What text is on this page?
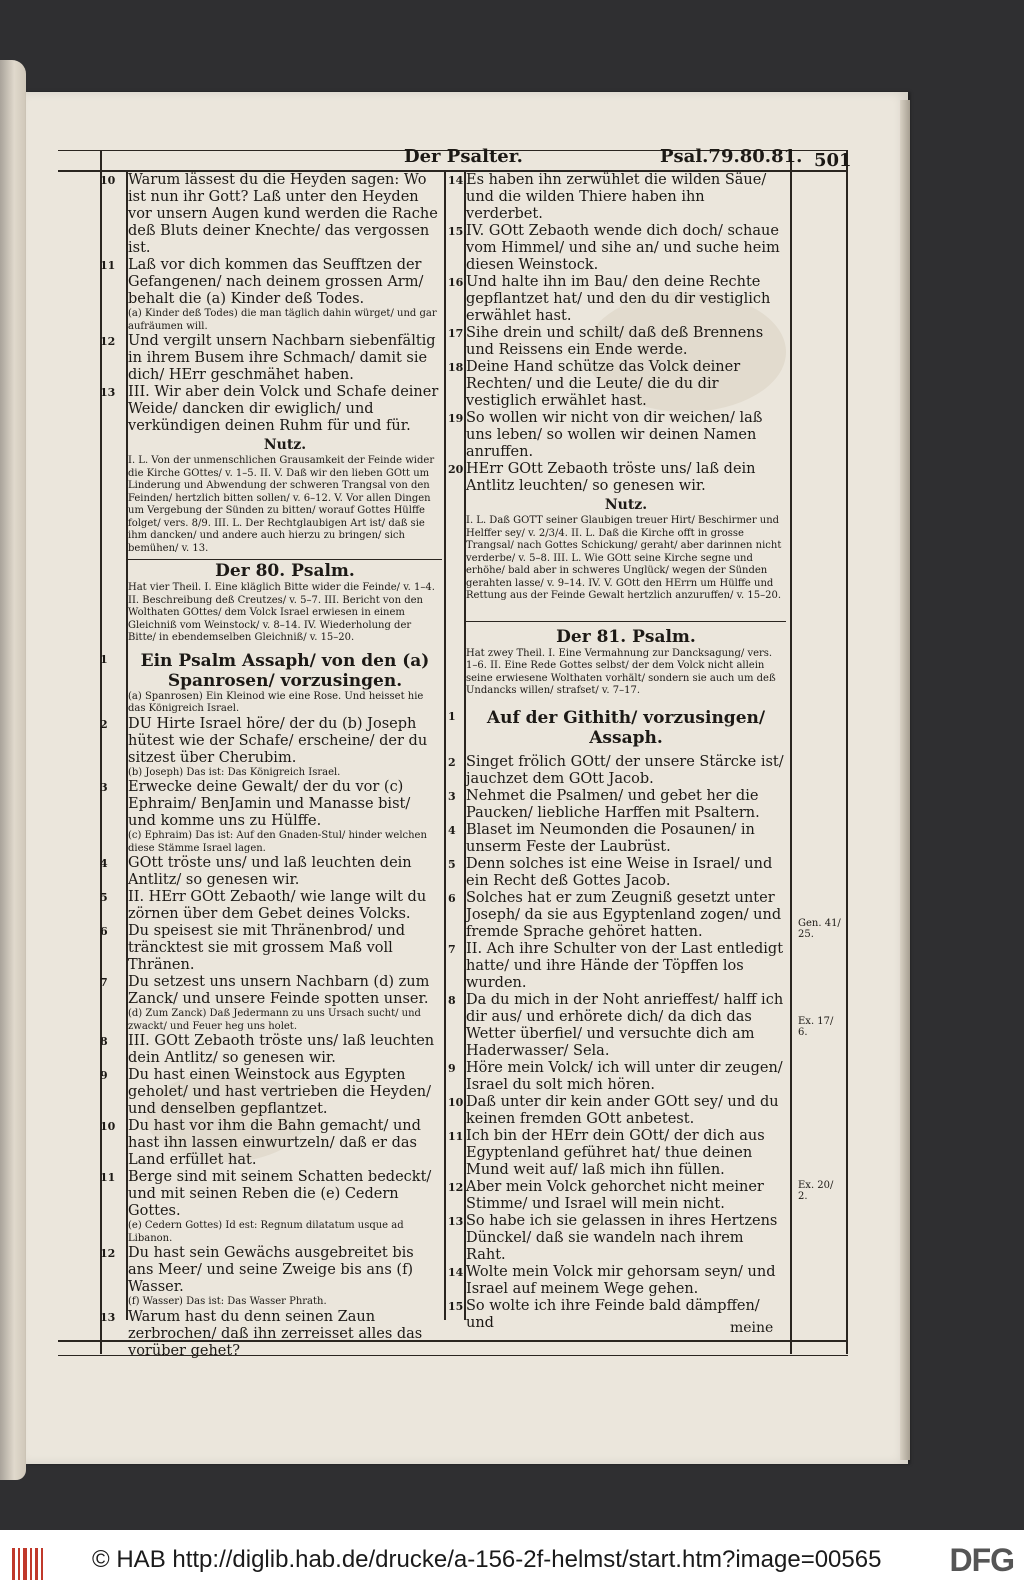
Der Psalter.	Psal.79.80.81. 501
10 Warum lässest du die Heyden sagen: Wo ist nun ihr Gott? Laß unter den Heyden vor unsern Augen kund werden die Rache deß Bluts deiner Knechte/ das vergossen ist.
11 Laß vor dich kommen das Seufftzen der Gefangenen/ nach deinem grossen Arm/ behalt die (a) Kinder deß Todes.
(a) Kinder deß Todes) die man täglich dahin würget/ und gar aufräumen will.
12 Und vergilt unsern Nachbarn siebenfältig in ihrem Busem ihre Schmach/ damit sie dich/ HErr geschmähet haben.
13 III. Wir aber dein Volck und Schafe deiner Weide/ dancken dir ewiglich/ und verkündigen deinen Ruhm für und für.
Nutz.
I. L. Von der unmenschlichen Grausamkeit der Feinde wider die Kirche GOttes/ v. 1–5. II. V. Daß wir den lieben GOtt um Linderung und Abwendung der schweren Trangsal von den Feinden/ hertzlich bitten sollen/ v. 6–12. V. Vor allen Dingen um Vergebung der Sünden zu bitten/ worauf Gottes Hülffe folget/ vers. 8/9. III. L. Der Rechtglaubigen Art ist/ daß sie ihm dancken/ und andere auch hierzu zu bringen/ sich bemühen/ v. 13.
Der 80. Psalm.
Hat vier Theil. I. Eine kläglich Bitte wider die Feinde/ v. 1–4. II. Beschreibung deß Creutzes/ v. 5–7. III. Bericht von den Wolthaten GOttes/ dem Volck Israel erwiesen in einem Gleichniß vom Weinstock/ v. 8–14. IV. Wiederholung der Bitte/ in ebendemselben Gleichniß/ v. 15–20.
1	Ein Psalm Assaph/ von den (a) Spanrosen/ vorzusingen.
(a) Spanrosen) Ein Kleinod wie eine Rose. Und heisset hie das Königreich Israel.
2 DU Hirte Israel höre/ der du (b) Joseph hütest wie der Schafe/ erscheine/ der du sitzest über Cherubim.
(b) Joseph) Das ist: Das Königreich Israel.
3 Erwecke deine Gewalt/ der du vor (c) Ephraim/ BenJamin und Manasse bist/ und komme uns zu Hülffe.
(c) Ephraim) Das ist: Auf den Gnaden-Stul/ hinder welchen diese Stämme Israel lagen.
4 GOtt tröste uns/ und laß leuchten dein Antlitz/ so genesen wir.
5 II. HErr GOtt Zebaoth/ wie lange wilt du zörnen über dem Gebet deines Volcks.
6 Du speisest sie mit Thränenbrod/ und träncktest sie mit grossem Maß voll Thränen.
7 Du setzest uns unsern Nachbarn (d) zum Zanck/ und unsere Feinde spotten unser.
(d) Zum Zanck) Daß Jedermann zu uns Ursach sucht/ und zwackt/ und Feuer heg uns holet.
8 III. GOtt Zebaoth tröste uns/ laß leuchten dein Antlitz/ so genesen wir.
9 Du hast einen Weinstock aus Egypten geholet/ und hast vertrieben die Heyden/ und denselben gepflantzet.
10 Du hast vor ihm die Bahn gemacht/ und hast ihn lassen einwurtzeln/ daß er das Land erfüllet hat.
11 Berge sind mit seinem Schatten bedeckt/ und mit seinen Reben die (e) Cedern Gottes.
(e) Cedern Gottes) Id est: Regnum dilatatum usque ad Libanon.
12 Du hast sein Gewächs ausgebreitet bis ans Meer/ und seine Zweige bis ans (f) Wasser.
(f) Wasser) Das ist: Das Wasser Phrath.
13 Warum hast du denn seinen Zaun zerbrochen/ daß ihn zerreisset alles das vorüber gehet?
14 Es haben ihn zerwühlet die wilden Säue/ und die wilden Thiere haben ihn verderbet.
15 IV. GOtt Zebaoth wende dich doch/ schaue vom Himmel/ und sihe an/ und suche heim diesen Weinstock.
16 Und halte ihn im Bau/ den deine Rechte gepflantzet hat/ und den du dir vestiglich erwählet hast.
17 Sihe drein und schilt/ daß deß Brennens und Reissens ein Ende werde.
18 Deine Hand schütze das Volck deiner Rechten/ und die Leute/ die du dir vestiglich erwählet hast.
19 So wollen wir nicht von dir weichen/ laß uns leben/ so wollen wir deinen Namen anruffen.
20 HErr GOtt Zebaoth tröste uns/ laß dein Antlitz leuchten/ so genesen wir.
Nutz.
I. L. Daß GOTT seiner Glaubigen treuer Hirt/ Beschirmer und Helffer sey/ v. 2/3/4. II. L. Daß die Kirche offt in grosse Trangsal/ nach Gottes Schickung/ geraht/ aber darinnen nicht verderbe/ v. 5–8. III. L. Wie GOtt seine Kirche segne und erhöhe/ bald aber in schweres Unglück/ wegen der Sünden gerahten lasse/ v. 9–14. IV. V. GOtt den HErrn um Hülffe und Rettung aus der Feinde Gewalt hertzlich anzuruffen/ v. 15–20.
Der 81. Psalm.
Hat zwey Theil. I. Eine Vermahnung zur Dancksagung/ vers. 1–6. II. Eine Rede Gottes selbst/ der dem Volck nicht allein seine erwiesene Wolthaten vorhält/ sondern sie auch um deß Undancks willen/ strafset/ v. 7–17.
1	Auf der Githith/ vorzusingen/ Assaph.
2 Singet frölich GOtt/ der unsere Stärcke ist/ jauchzet dem GOtt Jacob.
3 Nehmet die Psalmen/ und gebet her die Paucken/ liebliche Harffen mit Psaltern.
4 Blaset im Neumonden die Posaunen/ in unserm Feste der Laubrüst.
5 Denn solches ist eine Weise in Israel/ und ein Recht deß Gottes Jacob.
6 Solches hat er zum Zeugniß gesetzt unter Joseph/ da sie aus Egyptenland zogen/ und fremde Sprache gehöret hatten.
7 II. Ach ihre Schulter von der Last entledigt hatte/ und ihre Hände der Töpffen los wurden.
8 Da du mich in der Noht anrieffest/ halff ich dir aus/ und erhörete dich/ da dich das Wetter überfiel/ und versuchte dich am Haderwasser/ Sela.
9 Höre mein Volck/ ich will unter dir zeugen/ Israel du solt mich hören.
10 Daß unter dir kein ander GOtt sey/ und du keinen fremden GOtt anbetest.
11 Ich bin der HErr dein GOtt/ der dich aus Egyptenland geführet hat/ thue deinen Mund weit auf/ laß mich ihn füllen.
12 Aber mein Volck gehorchet nicht meiner Stimme/ und Israel will mein nicht.
13 So habe ich sie gelassen in ihres Hertzens Dünckel/ daß sie wandeln nach ihrem Raht.
14 Wolte mein Volck mir gehorsam seyn/ und Israel auf meinem Wege gehen.
15 So wolte ich ihre Feinde bald dämpffen/ und	meine
Gen. 41/ 25.
Ex. 17/ 6.
Ex. 20/ 2.
© HAB http://diglib.hab.de/drucke/a-156-2f-helmst/start.htm?image=00565 DFG
